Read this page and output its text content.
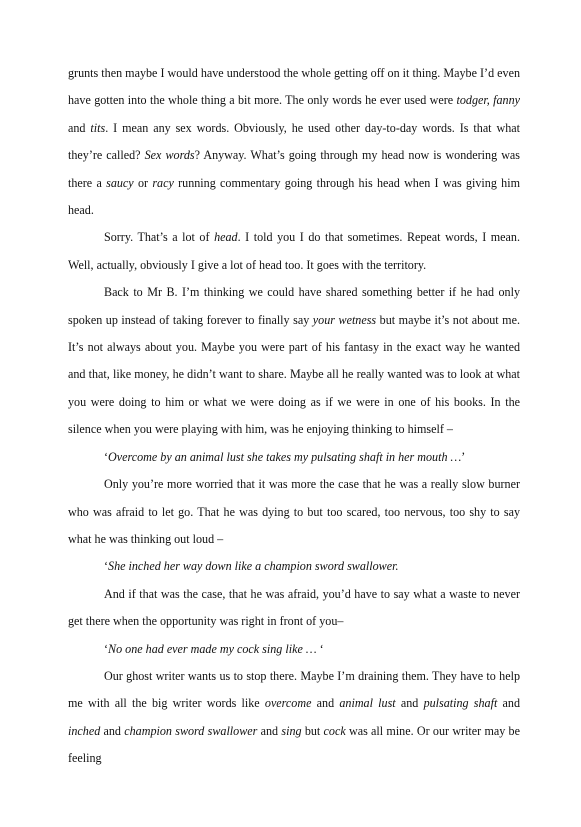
grunts then maybe I would have understood the whole getting off on it thing. Maybe I’d even have gotten into the whole thing a bit more. The only words he ever used were todger, fanny and tits. I mean any sex words. Obviously, he used other day-to-day words. Is that what they’re called? Sex words? Anyway. What’s going through my head now is wondering was there a saucy or racy running commentary going through his head when I was giving him head.

Sorry. That’s a lot of head. I told you I do that sometimes. Repeat words, I mean. Well, actually, obviously I give a lot of head too. It goes with the territory.

Back to Mr B. I’m thinking we could have shared something better if he had only spoken up instead of taking forever to finally say your wetness but maybe it’s not about me. It’s not always about you. Maybe you were part of his fantasy in the exact way he wanted and that, like money, he didn’t want to share. Maybe all he really wanted was to look at what you were doing to him or what we were doing as if we were in one of his books. In the silence when you were playing with him, was he enjoying thinking to himself –

‘Overcome by an animal lust she takes my pulsating shaft in her mouth …’

Only you’re more worried that it was more the case that he was a really slow burner who was afraid to let go. That he was dying to but too scared, too nervous, too shy to say what he was thinking out loud –

‘She inched her way down like a champion sword swallower.

And if that was the case, that he was afraid, you’d have to say what a waste to never get there when the opportunity was right in front of you–

‘No one had ever made my cock sing like … ‘

Our ghost writer wants us to stop there. Maybe I’m draining them. They have to help me with all the big writer words like overcome and animal lust and pulsating shaft and inched and champion sword swallower and sing but cock was all mine. Or our writer may be feeling
